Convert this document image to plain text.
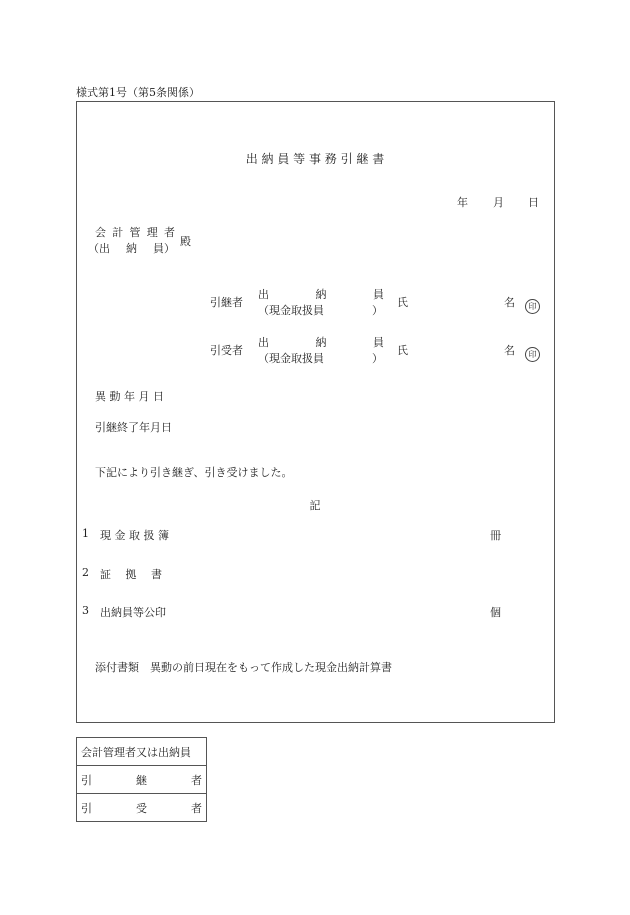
様式第1号（第5条関係）
出 納 員 等 事 務 引 継 書
年 月 日
会 計 管 理 者
（出 納 員）
殿
引継者
出	納	員
（現金取扱員	）
氏	名	印
引受者
出	納	員
（現金取扱員	）
氏	名	印
異 動 年 月 日
引継終了年月日
下記により引き継ぎ、引き受けました。
記
1 現 金 取 扱 簿	冊
2 証　 拠　 書
3 出納員等公印	個
添付書類　異動の前日現在をもって作成した現金出納計算書
会計管理者又は出納員

引	継	者

引	受	者
